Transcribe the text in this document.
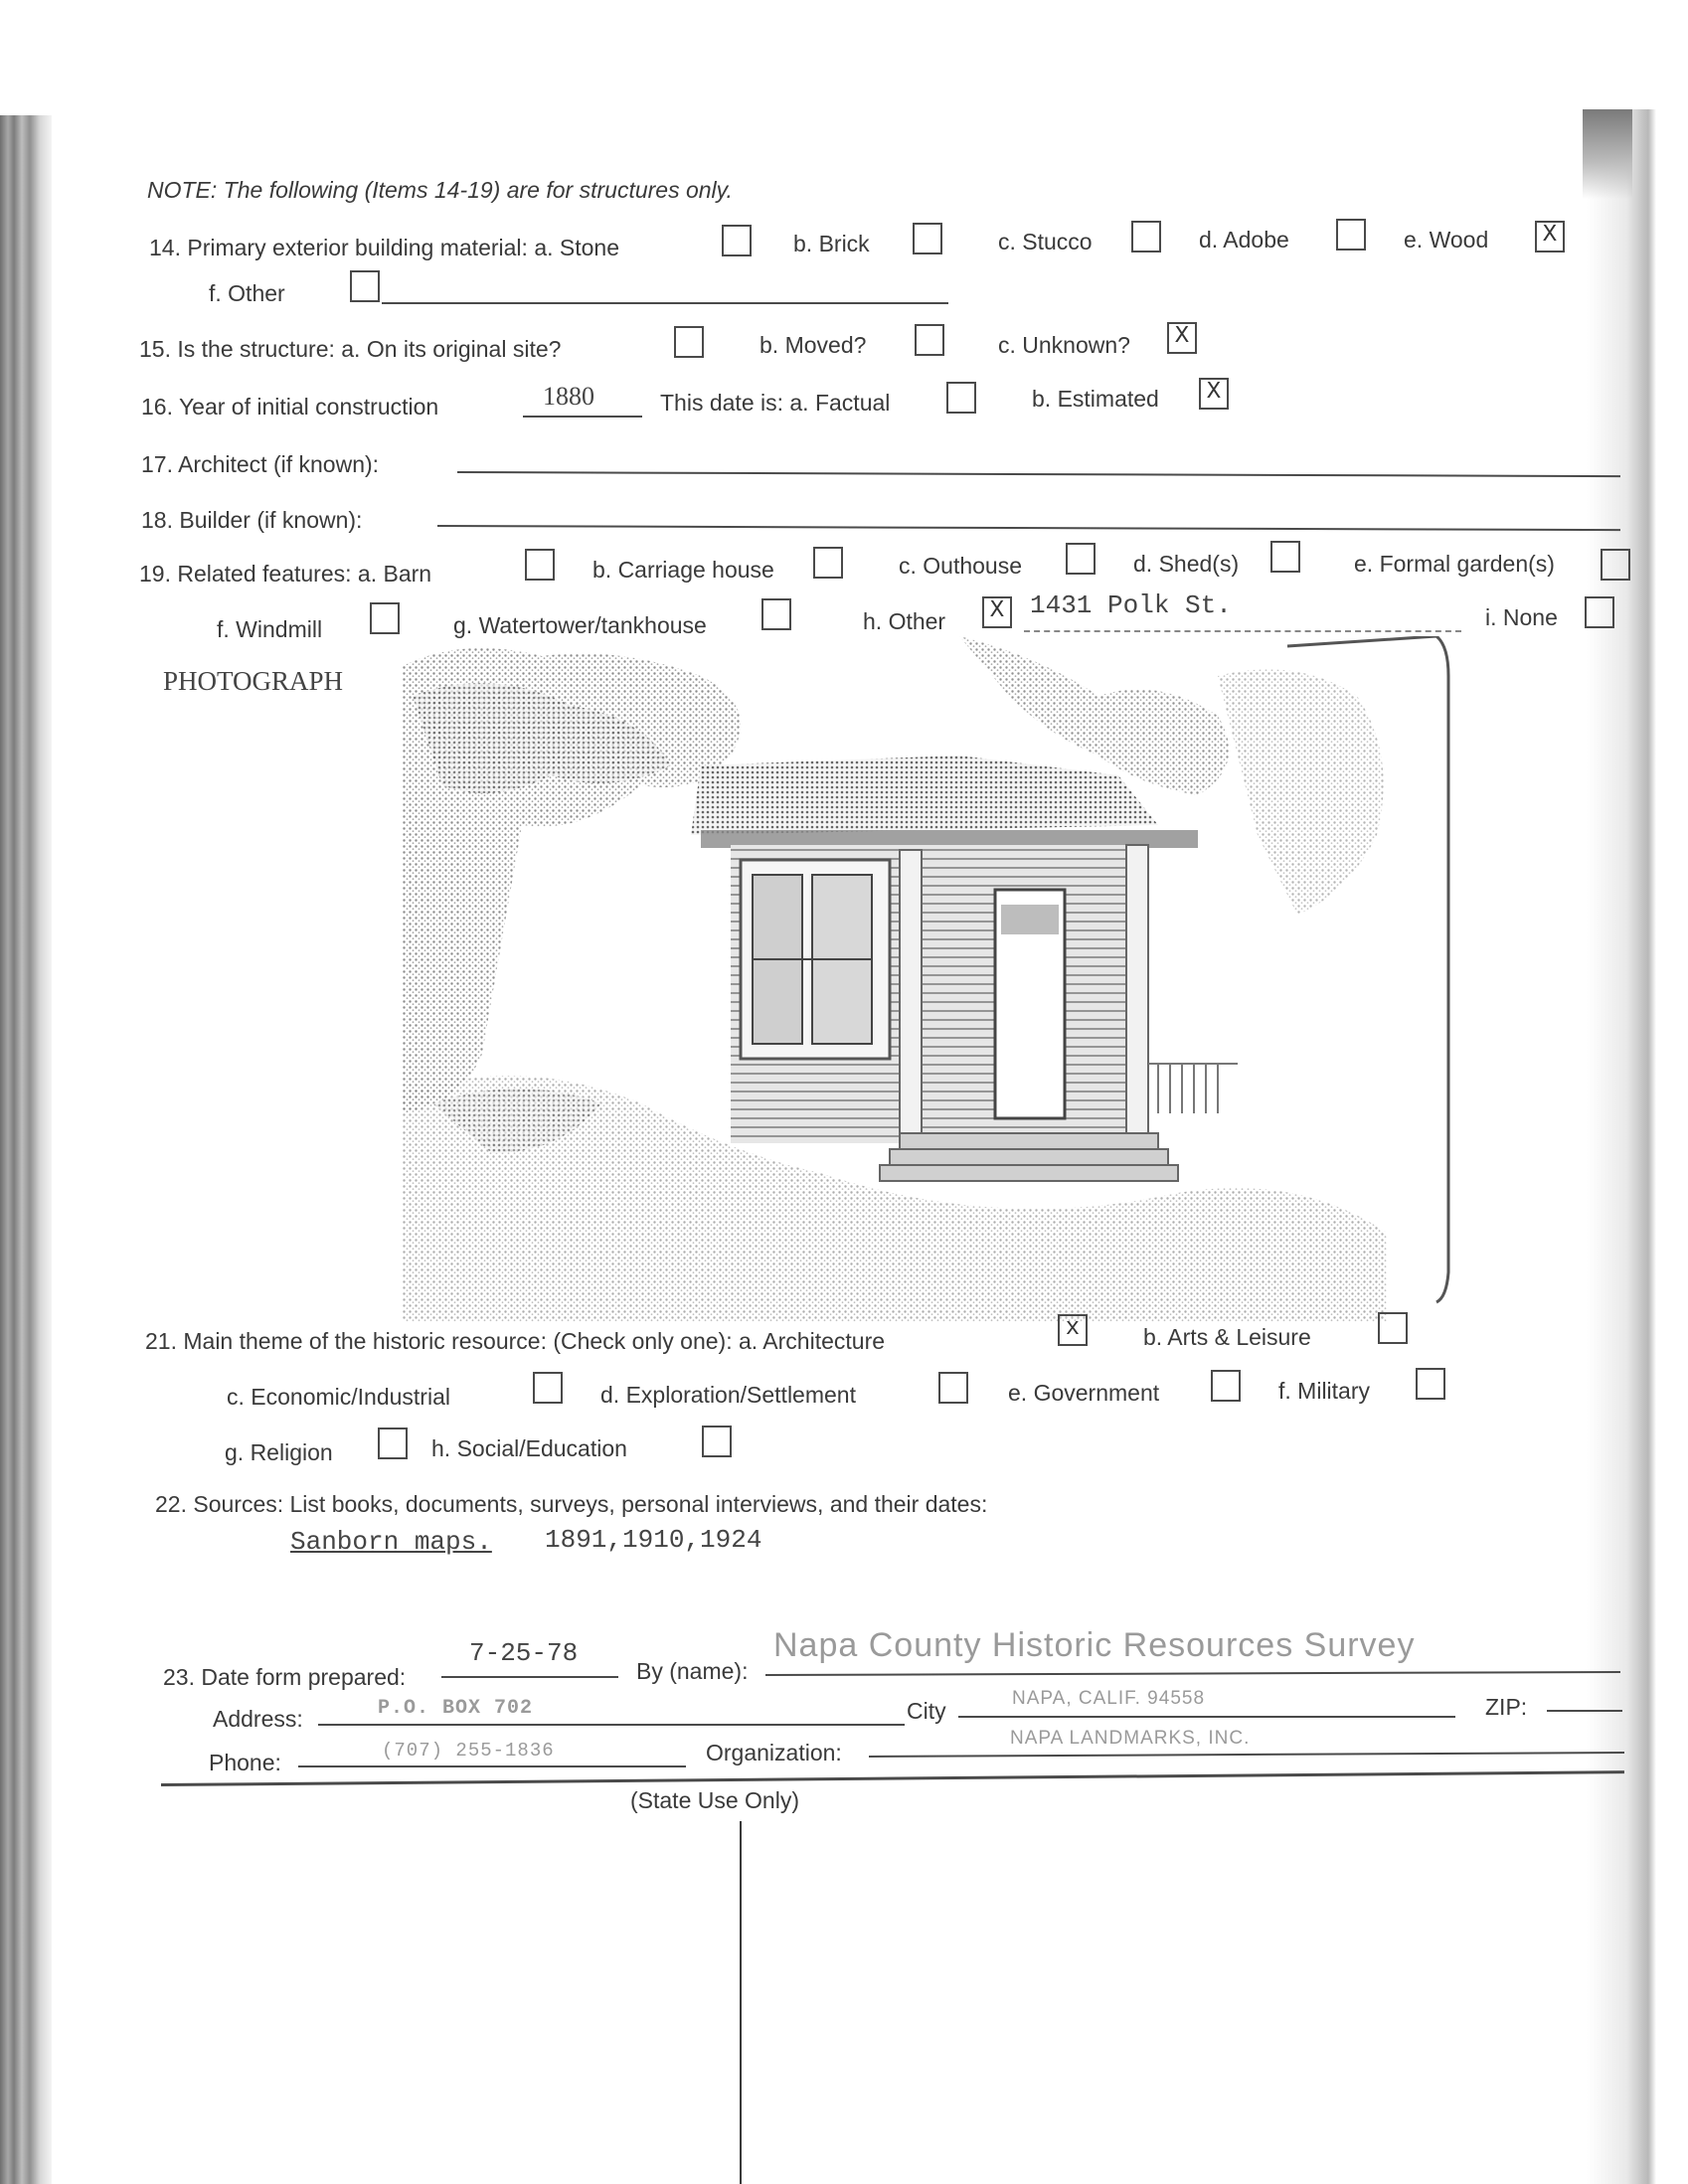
NOTE: The following (Items 14-19) are for structures only.
14. Primary exterior building material: a. Stone	b. Brick	c. Stucco	d. Adobe	e. Wood	X
f. Other
15. Is the structure: a. On its original site?	b. Moved?	c. Unknown?	X
16. Year of initial construction	1880	This date is: a. Factual	b. Estimated	X
17. Architect (if known):
18. Builder (if known):
19. Related features: a. Barn	b. Carriage house	c. Outhouse	d. Shed(s)	e. Formal garden(s)
f. Windmill	g. Watertower/tankhouse	h. Other	X 1431 Polk St.	i. None
PHOTOGRAPH
21. Main theme of the historic resource: (Check only one): a. Architecture	x	b. Arts & Leisure
c. Economic/Industrial	d. Exploration/Settlement	e. Government	f. Military
g. Religion	h. Social/Education
22. Sources: List books, documents, surveys, personal interviews, and their dates:
Sanborn maps. 1891,1910,1924
23. Date form prepared:
7-25-78
By (name):
Napa County Historic Resources Survey
Address:	P.O. BOX 702	City	NAPA, CALIF. 94558	ZIP:
Phone:	(707) 255-1836	Organization:
NAPA LANDMARKS, INC.
(State Use Only)
